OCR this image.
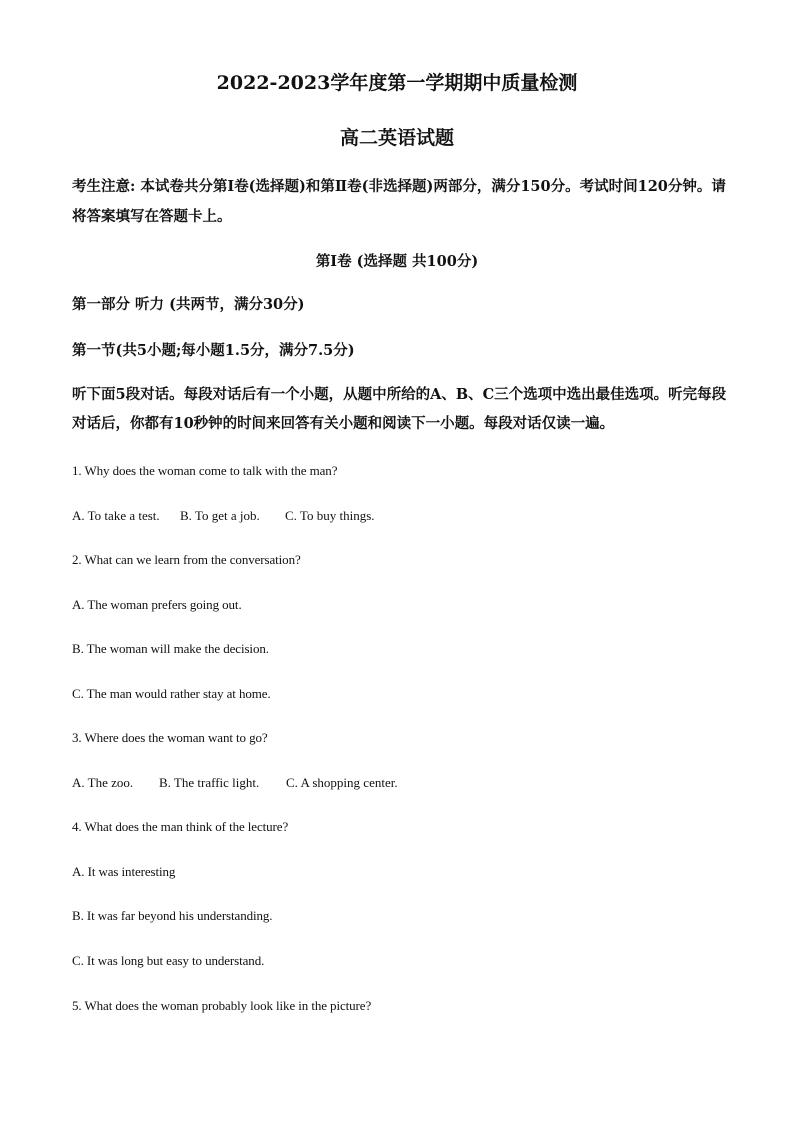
2022-2023学年度第一学期期中质量检测
高二英语试题
考生注意: 本试卷共分第Ⅰ卷(选择题)和第Ⅱ卷(非选择题)两部分，满分150分。考试时间120分钟。请将答案填写在答题卡上。
第Ⅰ卷 (选择题 共100分)
第一部分 听力 (共两节，满分30分)
第一节(共5小题;每小题1.5分，满分7.5分)
听下面5段对话。每段对话后有一个小题，从题中所给的A、B、C三个选项中选出最佳选项。听完每段对话后，你都有10秒钟的时间来回答有关小题和阅读下一小题。每段对话仅读一遍。
1. Why does the woman come to talk with the man?
A. To take a test. B. To get a job. C. To buy things.
2. What can we learn from the conversation?
A. The woman prefers going out.
B. The woman will make the decision.
C. The man would rather stay at home.
3. Where does the woman want to go?
A. The zoo. B. The traffic light. C. A shopping center.
4. What does the man think of the lecture?
A. It was interesting
B. It was far beyond his understanding.
C. It was long but easy to understand.
5. What does the woman probably look like in the picture?
